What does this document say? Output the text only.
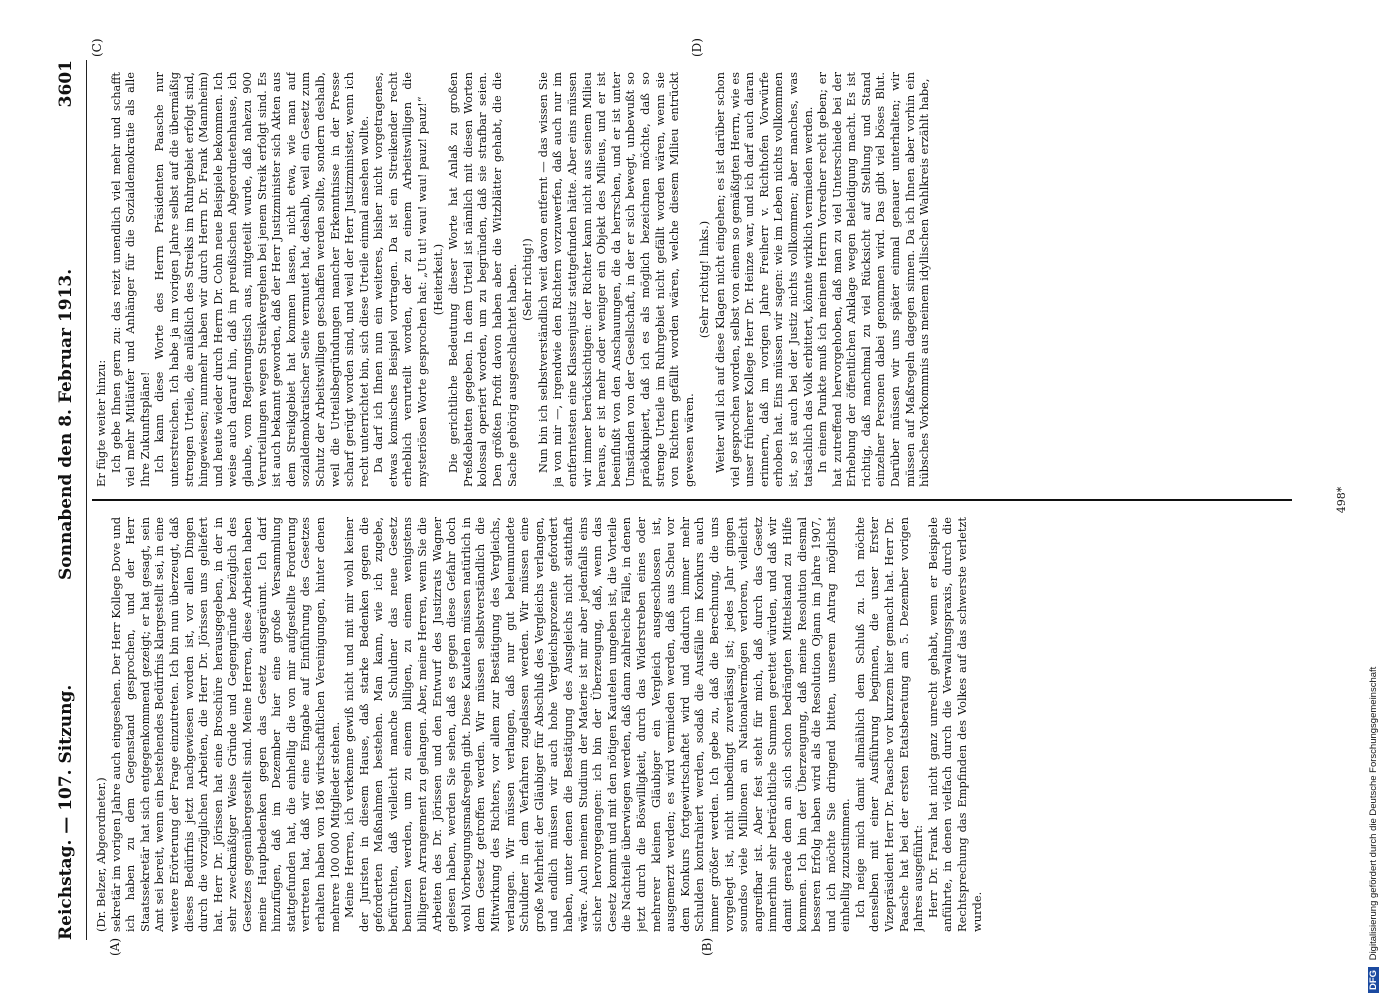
Reichstag. — 107. Sitzung.
Sonnabend den 8. Februar 1913.
3601
(A)	(B)
(C)	(D)

(Dr. Belzer, Abgeordneter.) sekretär im vorigen Jahre auch eingesehen. Der Herr Kollege Dove und ich haben zu dem Gegenstand gesprochen, und der Herr Staatssekretär hat sich entgegenkommend gezeigt; er hat gesagt, sein Amt sei bereit, wenn ein bestehendes Bedürfnis klargestellt sei, in eine weitere Erörterung der Frage einzutreten. Ich bin nun überzeugt, daß dieses Bedürfnis jetzt nachgewiesen worden ist, vor allen Dingen durch die vorzüglichen Arbeiten, die Herr Dr. Jörissen uns geliefert hat. Herr Dr. Jörissen hat eine Broschüre herausgegeben, in der in sehr zweckmäßiger Weise Gründe und Gegengründe bezüglich des Gesetzes gegenübergestellt sind. Meine Herren, diese Arbeiten haben meine Hauptbedenken gegen das Gesetz ausgeräumt. Ich darf hinzufügen, daß im Dezember hier eine große Versammlung stattgefunden hat, die einhellig die von mir aufgestellte Forderung vertreten hat, daß wir eine Eingabe auf Einführung des Gesetzes erhalten haben von 186 wirtschaftlichen Vereinigungen, hinter denen mehrere 100 000 Mitglieder stehen. Meine Herren, ich verkenne gewiß nicht und mit mir wohl keiner der Juristen in diesem Hause, daß starke Bedenken gegen die geforderten Maßnahmen bestehen. Man kann, wie ich zugebe, befürchten, daß vielleicht manche Schuldner das neue Gesetz benutzen werden, um zu einem billigen, zu einem wenigstens billigeren Arrangement zu gelangen. Aber, meine Herren, wenn Sie die Arbeiten des Dr. Jörissen und den Entwurf des Justizrats Wagner gelesen haben, werden Sie sehen, daß es gegen diese Gefahr doch wohl Vorbeugungsmaßregeln gibt. Diese Kautelen müssen natürlich in dem Gesetz getroffen werden. Wir müssen selbstverständlich die Mitwirkung des Richters, vor allem zur Bestätigung des Vergleichs, verlangen. Wir müssen verlangen, daß nur gut beleumundete Schuldner in dem Verfahren zugelassen werden. Wir müssen eine große Mehrheit der Gläubiger für Abschluß des Vergleichs verlangen, und endlich müssen wir auch hohe Vergleichsprozente gefordert haben, unter denen die Bestätigung des Ausgleichs nicht statthaft wäre. Auch meinem Studium der Materie ist mir aber jedenfalls eins sicher hervorgegangen: ich bin der Überzeugung, daß, wenn das Gesetz kommt und mit den nötigen Kautelen umgeben ist, die Vorteile die Nachteile überwiegen werden, daß dann zahlreiche Fälle, in denen jetzt durch die Böswilligkeit, durch das Widerstreben eines oder mehrerer kleinen Gläubiger ein Vergleich ausgeschlossen ist, ausgemerzt werden; es wird vermieden werden, daß aus Scheu vor dem Konkurs fortgewirtschaftet wird und dadurch immer mehr Schulden kontrahiert werden, sodaß die Ausfälle im Konkurs auch immer größer werden. Ich gebe zu, daß die Berechnung, die uns vorgelegt ist, nicht unbedingt zuverlässig ist; jedes Jahr gingen soundso viele Millionen an Nationalvermögen verloren, vielleicht angreifbar ist. Aber fest steht für mich, daß durch das Gesetz immerhin sehr beträchtliche Summen gerettet würden, und daß wir damit gerade dem an sich schon bedrängten Mittelstand zu Hilfe kommen. Ich bin der Überzeugung, daß meine Resolution diesmal besseren Erfolg haben wird als die Resolution Ojann im Jahre 1907, und ich möchte Sie dringend bitten, unserem Antrag möglichst einhellig zuzustimmen. Ich neige mich damit allmählich dem Schluß zu. Ich möchte denselben mit einer Ausführung beginnen, die unser Erster Vizepräsident Herr Dr. Paasche vor kurzem hier gemacht hat. Herr Dr. Paasche hat bei der ersten Etatsberatung am 5. Dezember vorigen Jahres ausgeführt: Herr Dr. Frank hat nicht ganz unrecht gehabt, wenn er Beispiele anführte, in denen vielfach durch die Verwaltungspraxis, durch die Rechtsprechung das Empfinden des Volkes auf das schwerste verletzt wurde.

Er fügte weiter hinzu: Ich gebe Ihnen gern zu: das reizt unendlich viel mehr und schafft viel mehr Mitläufer und Anhänger für die Sozialdemokratie als alle Ihre Zukunftspläne! Ich kann diese Worte des Herrn Präsidenten Paasche nur unterstreichen. Ich habe ja im vorigen Jahre selbst auf die übermäßig strengen Urteile, die anläßlich des Streiks im Ruhrgebiet erfolgt sind, hingewiesen; nunmehr haben wir durch Herrn Dr. Frank (Mannheim) und heute wieder durch Herrn Dr. Cohn neue Beispiele bekommen. Ich weise auch darauf hin, daß im preußischen Abgeordnetenhause, ich glaube, vom Regierungstisch aus, mitgeteilt wurde, daß nahezu 900 Verurteilungen wegen Streikvergehen bei jenem Streik erfolgt sind. Es ist auch bekannt geworden, daß der Herr Justizminister sich Akten aus dem Streikgebiet hat kommen lassen, nicht etwa, wie man auf sozialdemokratischer Seite vermutet hat, deshalb, weil ein Gesetz zum Schutz der Arbeitswilligen geschaffen werden sollte, sondern deshalb, weil die Urteilsbegründungen mancher Erkenntnisse in der Presse scharf gerügt worden sind, und weil der Herr Justizminister, wenn ich recht unterrichtet bin, sich diese Urteile einmal ansehen wollte. Da darf ich Ihnen nun ein weiteres, bisher nicht vorgetragenes, etwas komisches Beispiel vortragen. Da ist ein Streikender recht erheblich verurteilt worden, der zu einem Arbeitswilligen die mysteriösen Worte gesprochen hat: „Ut ut! wau! wau! pauz! pauz!“ (Heiterkeit.) Die gerichtliche Bedeutung dieser Worte hat Anlaß zu großen Preßdebatten gegeben. In dem Urteil ist nämlich mit diesen Worten kolossal operiert worden, um zu begründen, daß sie strafbar seien. Den größten Profit davon haben aber die Witzblätter gehabt, die die Sache gehörig ausgeschlachtet haben. (Sehr richtig!) Nun bin ich selbstverständlich weit davon entfernt — das wissen Sie ja von mir —, irgendwie den Richtern vorzuwerfen, daß auch nur im entferntesten eine Klassenjustiz stattgefunden hätte. Aber eins müssen wir immer berücksichtigen: der Richter kann nicht aus seinem Milieu heraus, er ist mehr oder weniger ein Objekt des Milieus, und er ist beeinflußt von den Anschauungen, die da herrschen, und er ist unter Umständen von der Gesellschaft, in der er sich bewegt, unbewußt so präokkupiert, daß ich es als möglich bezeichnen möchte, daß so strenge Urteile im Ruhrgebiet nicht gefällt worden wären, wenn sie von Richtern gefällt worden wären, welche diesem Milieu entrückt gewesen wären.

(Sehr richtig! links.) Weiter will ich auf diese Klagen nicht eingehen; es ist darüber schon viel gesprochen worden, selbst von einem so gemäßigten Herrn, wie es unser früherer Kollege Herr Dr. Heinze war, und ich darf auch daran erinnern, daß im vorigen Jahre Freiherr v. Richthofen Vorwürfe erhoben hat. Eins müssen wir sagen: wie im Leben nichts vollkommen ist, so ist auch bei der Justiz nichts vollkommen; aber manches, was tatsächlich das Volk erbittert, könnte wirklich vermieden werden. In einem Punkte muß ich meinem Herrn Vorredner recht geben; er hat zutreffend hervorgehoben, daß man zu viel Unterschiede bei der Erhebung der öffentlichen Anklage wegen Beleidigung macht. Es ist richtig, daß manchmal zu viel Rücksicht auf Stellung und Stand einzelner Personen dabei genommen wird. Das gibt viel böses Blut. Darüber müssen wir uns später einmal genauer unterhalten; wir müssen auf Maßregeln dagegen sinnen. Da ich Ihnen aber vorhin ein hübsches Vorkommnis aus meinem idyllischen Wahlkreis erzählt habe,

498*
DFG Digitalisierung gefördert durch die Deutsche Forschungsgemeinschaft
